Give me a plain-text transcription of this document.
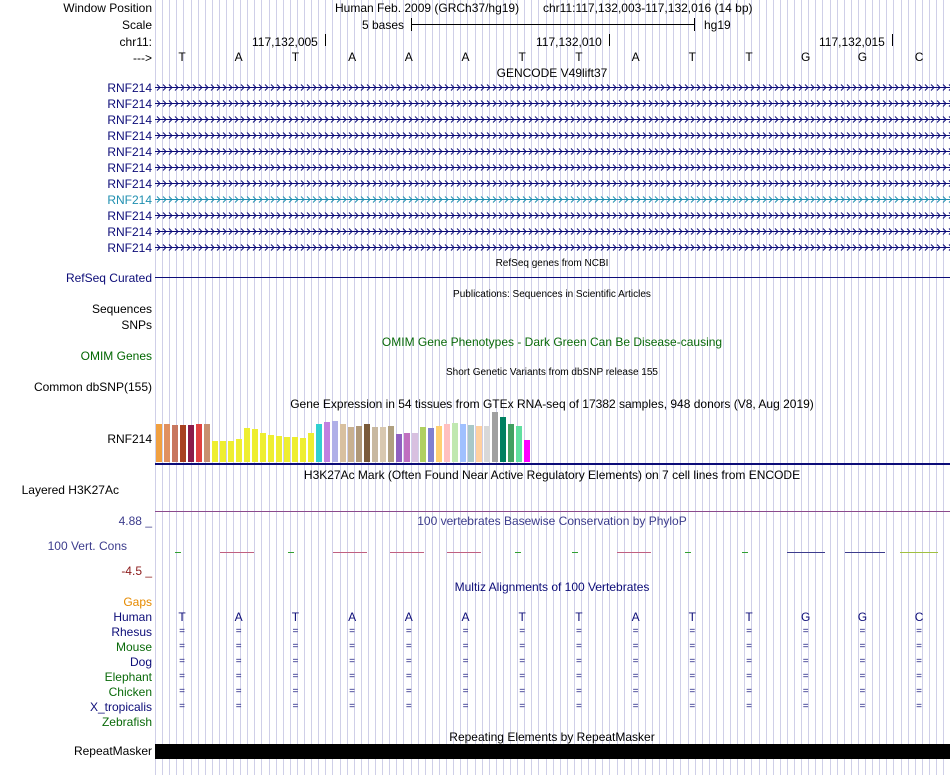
Window Position
Scale
chr11:
--->
RNF214
RNF214
RNF214
RNF214
RNF214
RNF214
RNF214
RNF214
RNF214
RNF214
RNF214
RefSeq Curated
Sequences
SNPs
OMIM Genes
Common dbSNP(155)
RNF214
Layered H3K27Ac
4.88 _
100 Vert. Cons
-4.5 _
Gaps
Human
Rhesus
Mouse
Dog
Elephant
Chicken
X_tropicalis
Zebrafish
RepeatMasker
Human Feb. 2009 (GRCh37/hg19) chr11:117,132,003-117,132,016 (14 bp)
5 bases	hg19
117,132,005	117,132,010	117,132,015
T	A	T	A	A	A	T	T	A	T	T	G	G	C
GENCODE V49lift37
RefSeq genes from NCBI
Publications: Sequences in Scientific Articles
OMIM Gene Phenotypes - Dark Green Can Be Disease-causing
Short Genetic Variants from dbSNP release 155
Gene Expression in 54 tissues from GTEx RNA-seq of 17382 samples, 948 donors (V8, Aug 2019)
H3K27Ac Mark (Often Found Near Active Regulatory Elements) on 7 cell lines from ENCODE
100 vertebrates Basewise Conservation by PhyloP
Multiz Alignments of 100 Vertebrates
T	A	T	A	A	A	T	T	A	T	T	G	G	C
=	=	=	=	=	=	=	=	=	=	=	=	=	=
=	=	=	=	=	=	=	=	=	=	=	=	=	=
=	=	=	=	=	=	=	=	=	=	=	=	=	=
=	=	=	=	=	=	=	=	=	=	=	=	=	=
=	=	=	=	=	=	=	=	=	=	=	=	=	=
=	=	=	=	=	=	=	=	=	=	=	=	=	=
Repeating Elements by RepeatMasker
